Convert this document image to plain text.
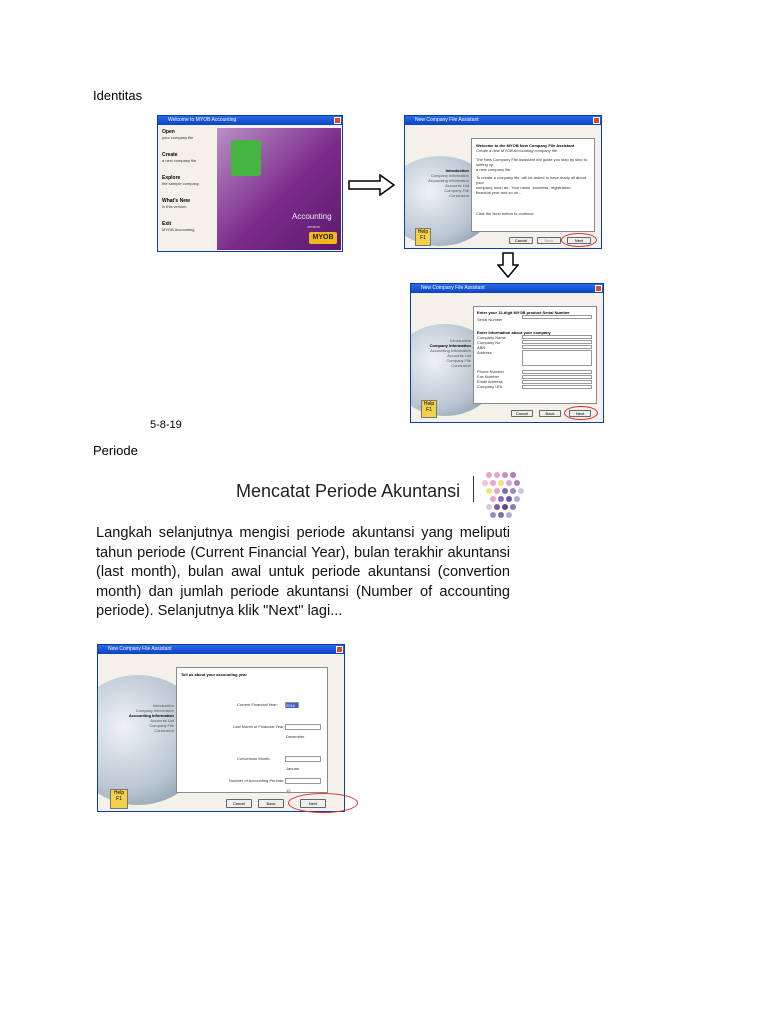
Identitas
5-8-19
Periode
Welcome to MYOB Accounting
Open
your company file
Create
a new company file
Explore
the sample company
What's New
in this version
Exit
MYOB Accounting
Accounting
version
MYOB
New Company File Assistant
Introduction
Company Information
Accounting Information
Accounts List
Company File
Conclusion
Welcome to the MYOB New Company File Assistant
Create a new MYOB Accounting company file
The New Company File Assistant will guide you step by step to setting up
a new company file.
To create a company file, will be asked to have ready all about your
company, such as : Your name, business, registration,
financial year and so on...
Click the Next button to continue.
Help F1	Cancel	Back	Next
New Company File Assistant
Introduction
Company Information
Accounting Information
Accounts List
Company File
Conclusion
Enter your 12-digit MYOB product Serial Number
Serial Number
Enter Information about your company
Company Name
Company No
ABN
Address
Phone Number
Fax Number
Email Address
Company URL
Help F1
Cancel	Back	Next
Mencatat Periode Akuntansi
Langkah selanjutnya mengisi periode akuntansi yang meliputi tahun periode (Current Financial Year), bulan terakhir akuntansi (last month), bulan awal untuk periode akuntansi (convertion month) dan jumlah periode akuntansi (Number of accounting periode). Selanjutnya klik "Next" lagi...
New Company File Assistant
Introduction
Company Information
Accounting Information
Accounts List
Company File
Conclusion
Tell us about your accounting year
Current Financial Year: 2016
Last Month of Financial Year:
Desember
Conversion Month:
Januari
Number of Accounting Periods:
12
Help F1
Cancel	Back	Next
